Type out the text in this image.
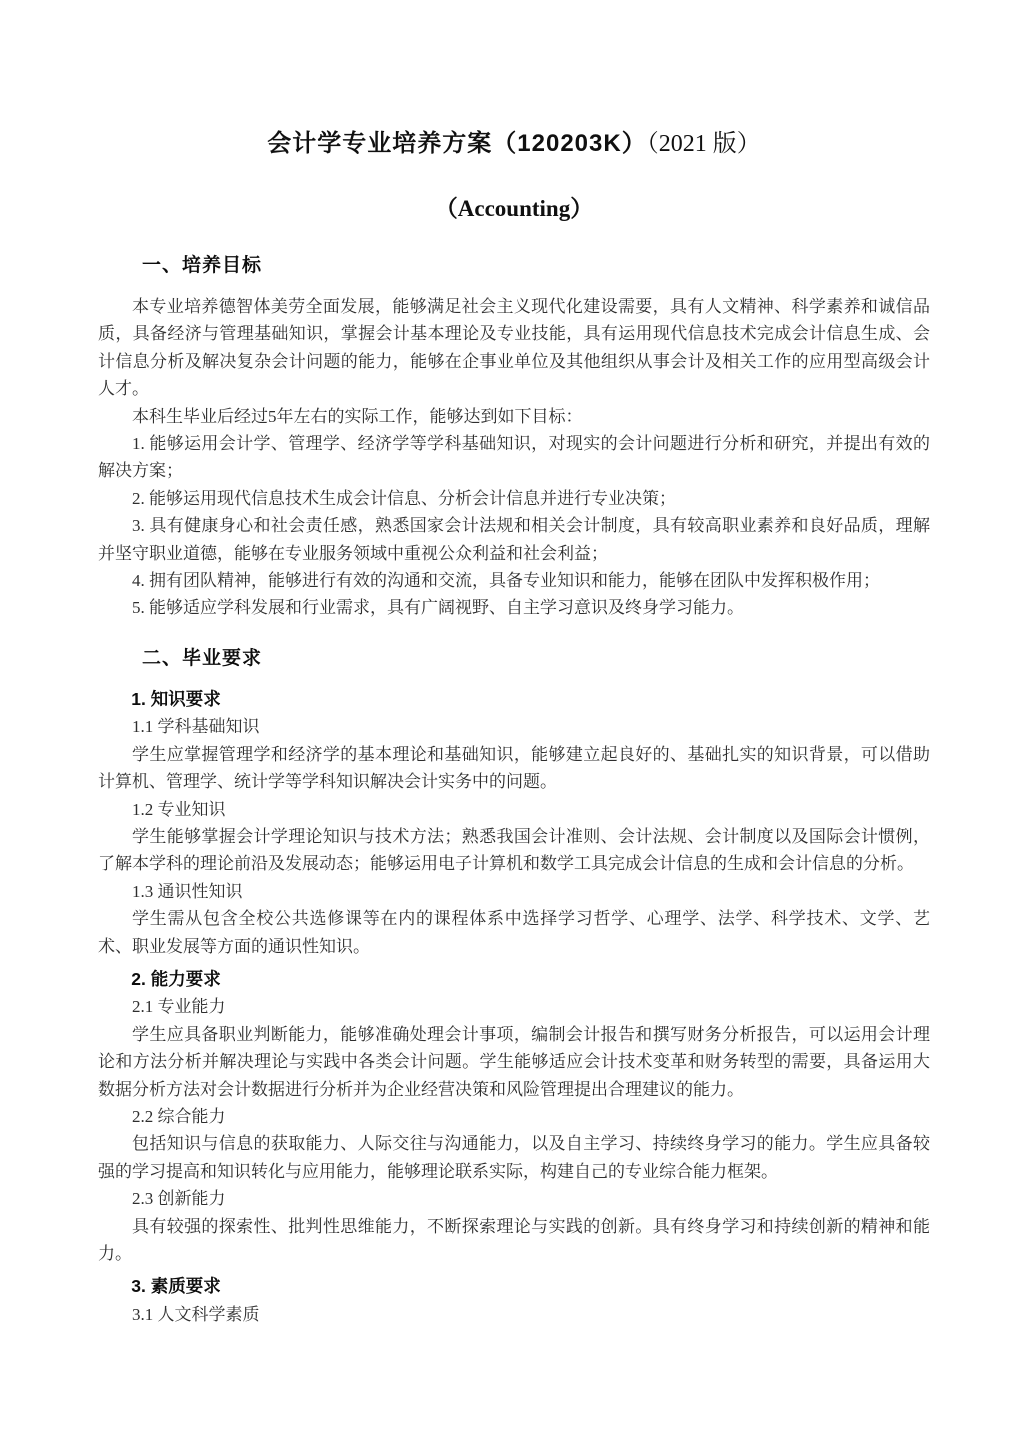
会计学专业培养方案（120203K）（2021 版）
（Accounting）
一、培养目标

本专业培养德智体美劳全面发展，能够满足社会主义现代化建设需要，具有人文精神、科学素养和诚信品质，具备经济与管理基础知识，掌握会计基本理论及专业技能，具有运用现代信息技术完成会计信息生成、会计信息分析及解决复杂会计问题的能力，能够在企事业单位及其他组织从事会计及相关工作的应用型高级会计人才。

本科生毕业后经过5年左右的实际工作，能够达到如下目标：

1. 能够运用会计学、管理学、经济学等学科基础知识，对现实的会计问题进行分析和研究，并提出有效的解决方案；

2. 能够运用现代信息技术生成会计信息、分析会计信息并进行专业决策；

3. 具有健康身心和社会责任感，熟悉国家会计法规和相关会计制度，具有较高职业素养和良好品质，理解并坚守职业道德，能够在专业服务领域中重视公众利益和社会利益；

4. 拥有团队精神，能够进行有效的沟通和交流，具备专业知识和能力，能够在团队中发挥积极作用；

5. 能够适应学科发展和行业需求，具有广阔视野、自主学习意识及终身学习能力。

二、毕业要求

1. 知识要求

1.1 学科基础知识

学生应掌握管理学和经济学的基本理论和基础知识，能够建立起良好的、基础扎实的知识背景，可以借助计算机、管理学、统计学等学科知识解决会计实务中的问题。

1.2 专业知识

学生能够掌握会计学理论知识与技术方法；熟悉我国会计准则、会计法规、会计制度以及国际会计惯例，了解本学科的理论前沿及发展动态；能够运用电子计算机和数学工具完成会计信息的生成和会计信息的分析。

1.3 通识性知识

学生需从包含全校公共选修课等在内的课程体系中选择学习哲学、心理学、法学、科学技术、文学、艺术、职业发展等方面的通识性知识。

2. 能力要求

2.1 专业能力

学生应具备职业判断能力，能够准确处理会计事项，编制会计报告和撰写财务分析报告，可以运用会计理论和方法分析并解决理论与实践中各类会计问题。学生能够适应会计技术变革和财务转型的需要，具备运用大数据分析方法对会计数据进行分析并为企业经营决策和风险管理提出合理建议的能力。

2.2 综合能力

包括知识与信息的获取能力、人际交往与沟通能力，以及自主学习、持续终身学习的能力。学生应具备较强的学习提高和知识转化与应用能力，能够理论联系实际，构建自己的专业综合能力框架。

2.3 创新能力

具有较强的探索性、批判性思维能力，不断探索理论与实践的创新。具有终身学习和持续创新的精神和能力。

3. 素质要求

3.1 人文科学素质
